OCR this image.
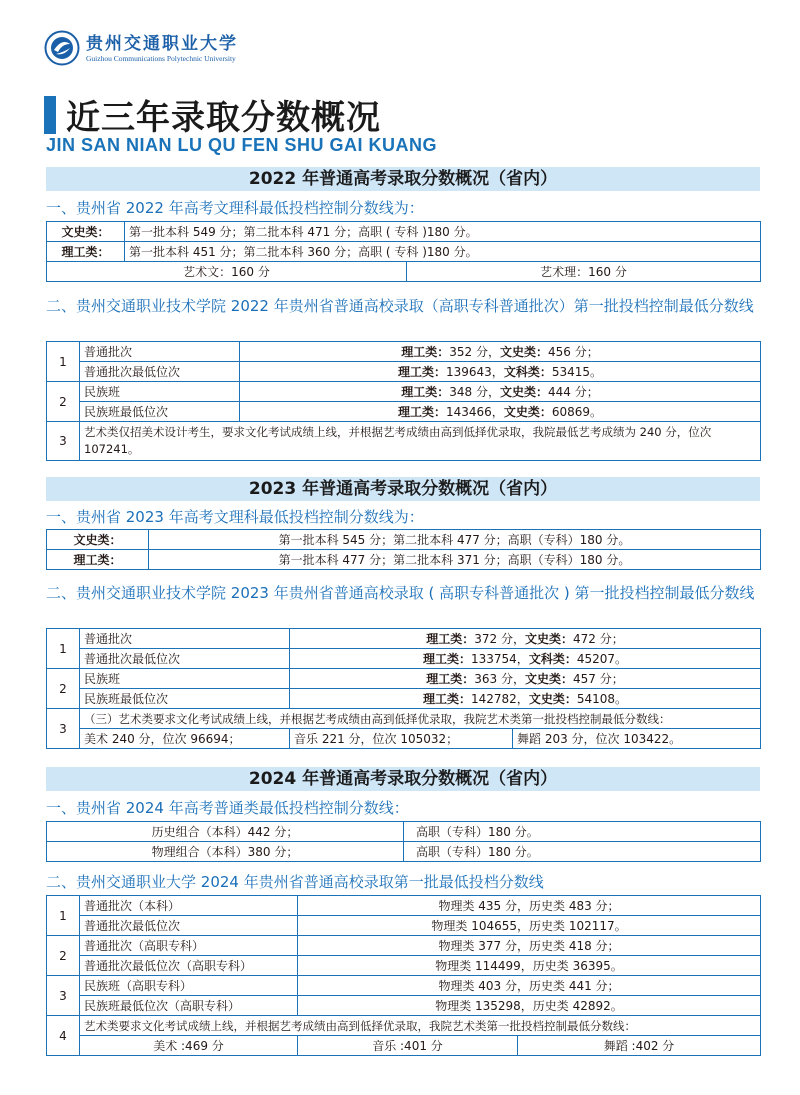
贵州交通职业大学
Guizhou Communications Polytechnic University
近三年录取分数概况
JIN SAN NIAN LU QU FEN SHU GAI KUANG
2022 年普通高考录取分数概况（省内）
一、贵州省 2022 年高考文理科最低投档控制分数线为：
文史类：	第一批本科 549 分；第二批本科 471 分；高职 ( 专科 )180 分。	
理工类：	第一批本科 451 分；第二批本科 360 分；高职 ( 专科 )180 分。	
艺术文：160 分		艺术理：160 分
二、贵州交通职业技术学院 2022 年贵州省普通高校录取（高职专科普通批次）第一批投档控制最低分数线
1	普通批次	理工类：352 分，文史类：456 分；
	普通批次最低位次	理工类：139643，文科类：53415。
2	民族班	理工类：348 分，文史类：444 分；
	民族班最低位次	理工类：143466，文史类：60869。
3	艺术类仅招美术设计考生，要求文化考试成绩上线，并根据艺考成绩由高到低择优录取，我院最低艺考成绩为 240 分，位次 107241。	
2023 年普通高考录取分数概况（省内）
一、贵州省 2023 年高考文理科最低投档控制分数线为：
文史类：	第一批本科 545 分；第二批本科 477 分；高职（专科）180 分。
理工类：	第一批本科 477 分；第二批本科 371 分；高职（专科）180 分。
二、贵州交通职业技术学院 2023 年贵州省普通高校录取 ( 高职专科普通批次 ) 第一批投档控制最低分数线
1	普通批次	理工类：372 分，文史类：472 分；	
	普通批次最低位次	理工类：133754，文科类：45207。	
2	民族班	理工类：363 分，文史类：457 分；	
	民族班最低位次	理工类：142782，文史类：54108。	
3	（三）艺术类要求文化考试成绩上线，并根据艺考成绩由高到低择优录取，我院艺术类第一批投档控制最低分数线：		
	美术 240 分，位次 96694；	音乐 221 分，位次 105032；	舞蹈 203 分，位次 103422。
2024 年普通高考录取分数概况（省内）
一、贵州省 2024 年高考普通类最低投档控制分数线：
历史组合（本科）442 分；	高职（专科）180 分。
物理组合（本科）380 分；	高职（专科）180 分。
二、贵州交通职业大学 2024 年贵州省普通高校录取第一批最低投档分数线
1	普通批次（本科）	物理类 435 分，历史类 483 分；	
	普通批次最低位次	物理类 104655，历史类 102117。	
2	普通批次（高职专科）	物理类 377 分，历史类 418 分；	
	普通批次最低位次（高职专科）	物理类 114499，历史类 36395。	
3	民族班（高职专科）	物理类 403 分，历史类 441 分；	
	民族班最低位次（高职专科）	物理类 135298，历史类 42892。	
4	艺术类要求文化考试成绩上线，并根据艺考成绩由高到低择优录取，我院艺术类第一批投档控制最低分数线：		
	美术 :469 分	音乐 :401 分	舞蹈 :402 分
